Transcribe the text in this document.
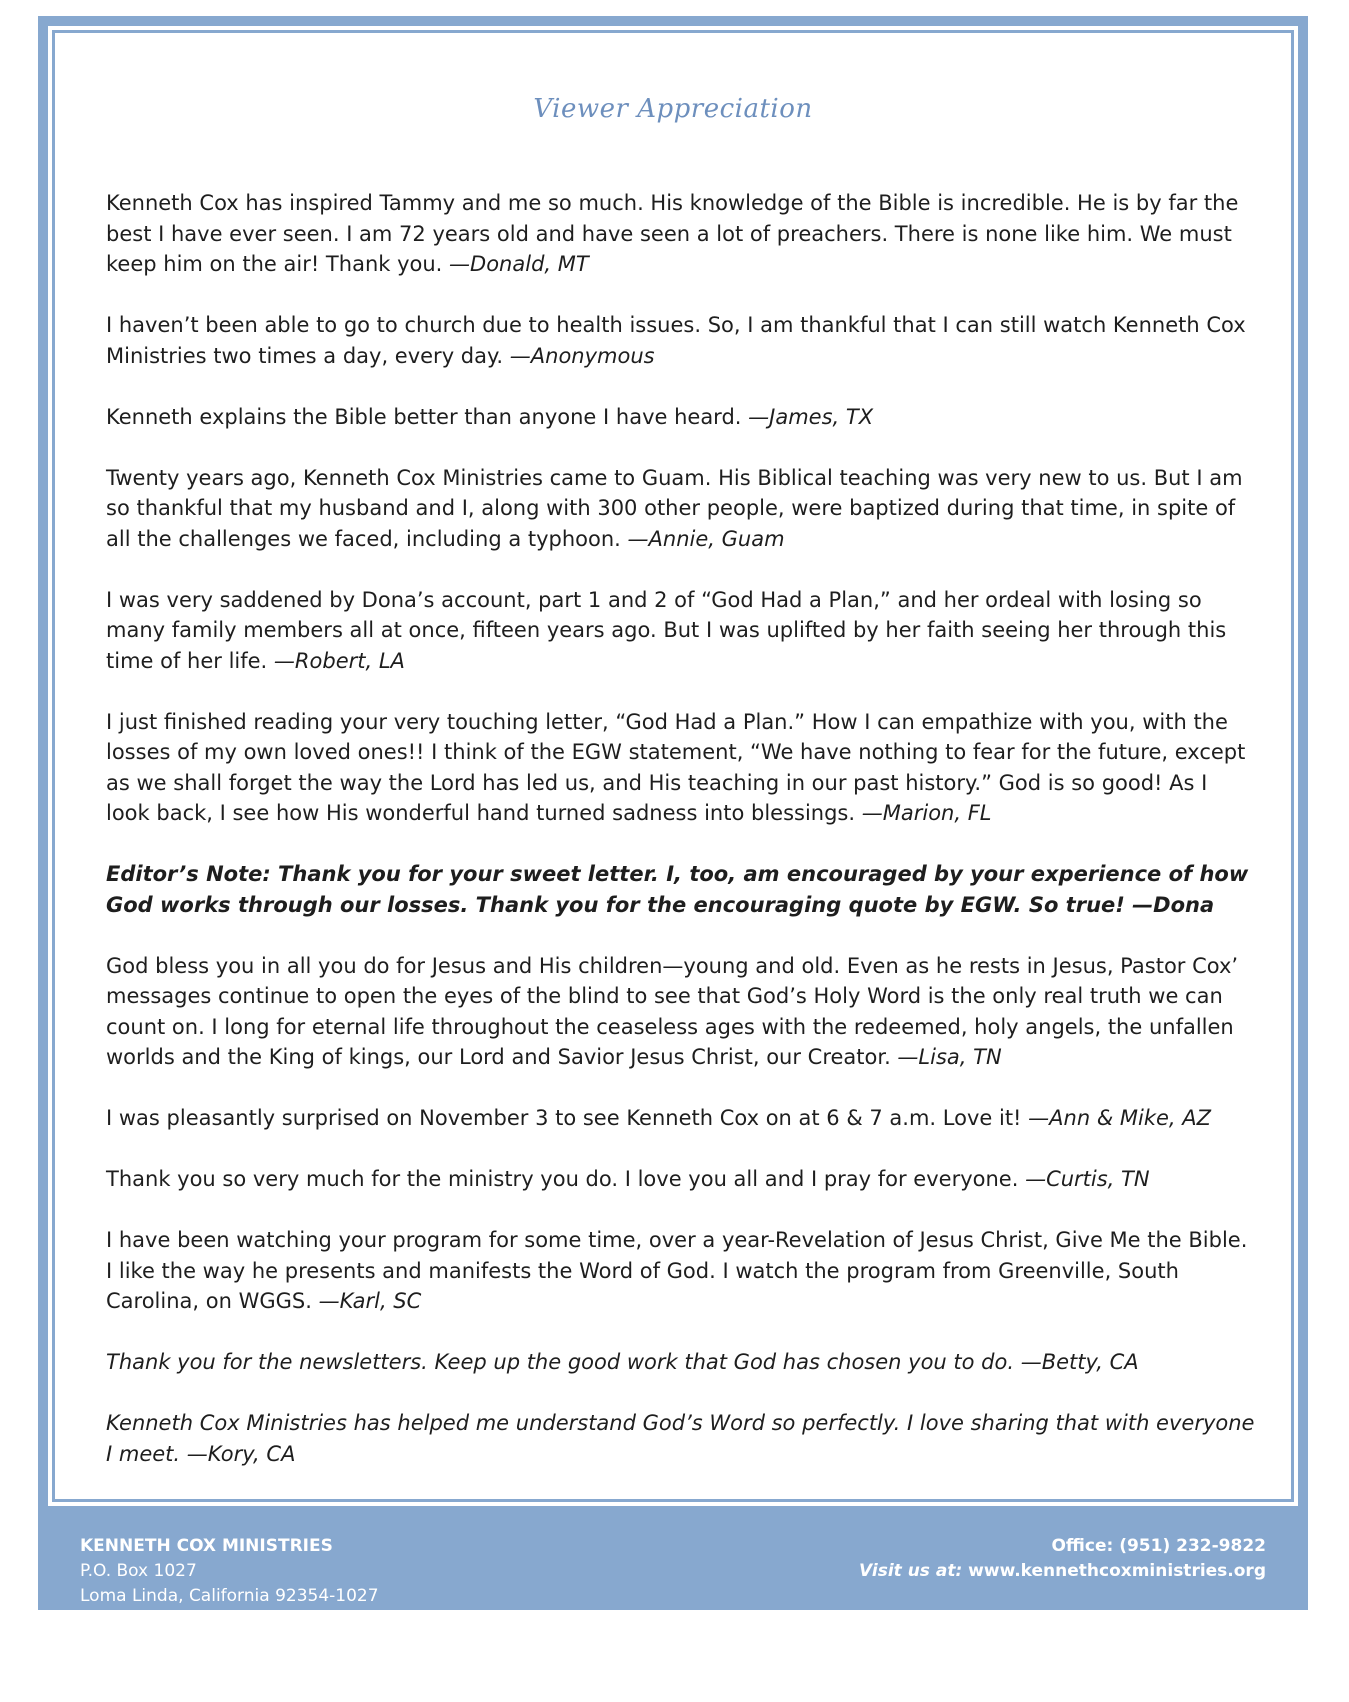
Viewer Appreciation

Kenneth Cox has inspired Tammy and me so much. His knowledge of the Bible is incredible. He is by far the best I have ever seen. I am 72 years old and have seen a lot of preachers. There is none like him. We must keep him on the air! Thank you. —Donald, MT

I haven’t been able to go to church due to health issues. So, I am thankful that I can still watch Kenneth Cox Ministries two times a day, every day. —Anonymous

Kenneth explains the Bible better than anyone I have heard. —James, TX

Twenty years ago, Kenneth Cox Ministries came to Guam. His Biblical teaching was very new to us. But I am so thankful that my husband and I, along with 300 other people, were baptized during that time, in spite of all the challenges we faced, including a typhoon. —Annie, Guam

I was very saddened by Dona’s account, part 1 and 2 of “God Had a Plan,” and her ordeal with losing so many family members all at once, fifteen years ago. But I was uplifted by her faith seeing her through this time of her life. —Robert, LA

I just finished reading your very touching letter, “God Had a Plan.” How I can empathize with you, with the losses of my own loved ones!! I think of the EGW statement, “We have nothing to fear for the future, except as we shall forget the way the Lord has led us, and His teaching in our past history.” God is so good! As I look back, I see how His wonderful hand turned sadness into blessings. —Marion, FL

Editor’s Note: Thank you for your sweet letter. I, too, am encouraged by your experience of how God works through our losses. Thank you for the encouraging quote by EGW. So true! —Dona

God bless you in all you do for Jesus and His children—young and old. Even as he rests in Jesus, Pastor Cox’ messages continue to open the eyes of the blind to see that God’s Holy Word is the only real truth we can count on. I long for eternal life throughout the ceaseless ages with the redeemed, holy angels, the unfallen worlds and the King of kings, our Lord and Savior Jesus Christ, our Creator. —Lisa, TN

I was pleasantly surprised on November 3 to see Kenneth Cox on at 6 & 7 a.m. Love it! —Ann & Mike, AZ

Thank you so very much for the ministry you do. I love you all and I pray for everyone. —Curtis, TN

I have been watching your program for some time, over a year-Revelation of Jesus Christ, Give Me the Bible. I like the way he presents and manifests the Word of God. I watch the program from Greenville, South Carolina, on WGGS. —Karl, SC

Thank you for the newsletters. Keep up the good work that God has chosen you to do. —Betty, CA

Kenneth Cox Ministries has helped me understand God’s Word so perfectly. I love sharing that with everyone I meet. —Kory, CA

KENNETH COX MINISTRIES
P.O. Box 1027
Loma Linda, California 92354-1027
Office: (951) 232-9822
Visit us at: www.kennethcoxministries.org
Please note: The words “CURRENT RESIDENT” appear on the name and address area of this mailing due to a U.S. Postal Service requirement, which also helps our ministry reduce mailing expense. Thanks for your understanding.
